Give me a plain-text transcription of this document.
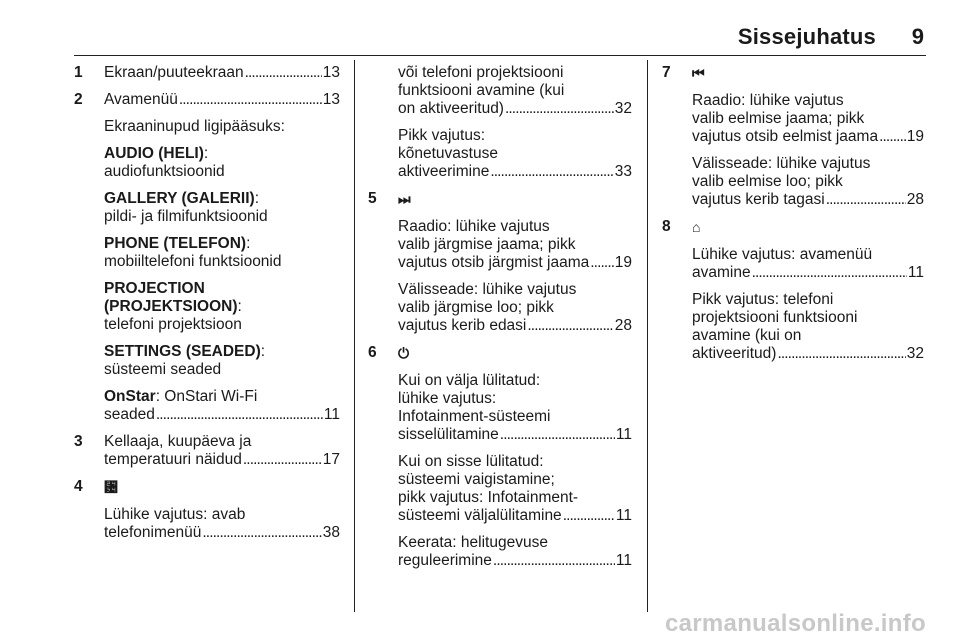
Sissejuhatus 9

1 Ekraan/puuteekraan . . .	13

2 Avamenüü . . .	13

Ekraaninupud ligipääsuks:

AUDIO (HELI):
audiofunktsioonid

GALLERY (GALERII):
pildi- ja filmifunktsioonid

PHONE (TELEFON):
mobiiltelefoni funktsioonid

PROJECTION
(PROJEKTSIOON):
telefoni projektsioon

SETTINGS (SEADED):
süsteemi seaded

OnStar: OnStari Wi-Fi
seaded . . .	11

3 Kellaaja, kuupäeva ja
temperatuuri näidud . . .	17

4 ␴

Lühike vajutus: avab
telefonimenüü . . .	38

või telefoni projektsiooni
funktsiooni avamine (kui
on aktiveeritud) . . .	32

Pikk vajutus:
kõnetuvastuse
aktiveerimine . . .	33

5 ⏭

Raadio: lühike vajutus
valib järgmise jaama; pikk
vajutus otsib järgmist jaama . . . 19

Välisseade: lühike vajutus
valib järgmise loo; pikk
vajutus kerib edasi . . .	28

6 ⏻

Kui on välja lülitatud:
lühike vajutus:
Infotainment-süsteemi
sisselülitamine . . .	11

Kui on sisse lülitatud:
süsteemi vaigistamine;
pikk vajutus: Infotainment-
süsteemi väljalülitamine . . .	11

Keerata: helitugevuse
reguleerimine . . .	11

7 ⏮

Raadio: lühike vajutus
valib eelmise jaama; pikk
vajutus otsib eelmist jaama . . . 19

Välisseade: lühike vajutus
valib eelmise loo; pikk
vajutus kerib tagasi . . .	28

8 ⌂

Lühike vajutus: avamenüü
avamine . . .	11

Pikk vajutus: telefoni
projektsiooni funktsiooni
avamine (kui on
aktiveeritud) . . .	32

carmanualsonline.info
